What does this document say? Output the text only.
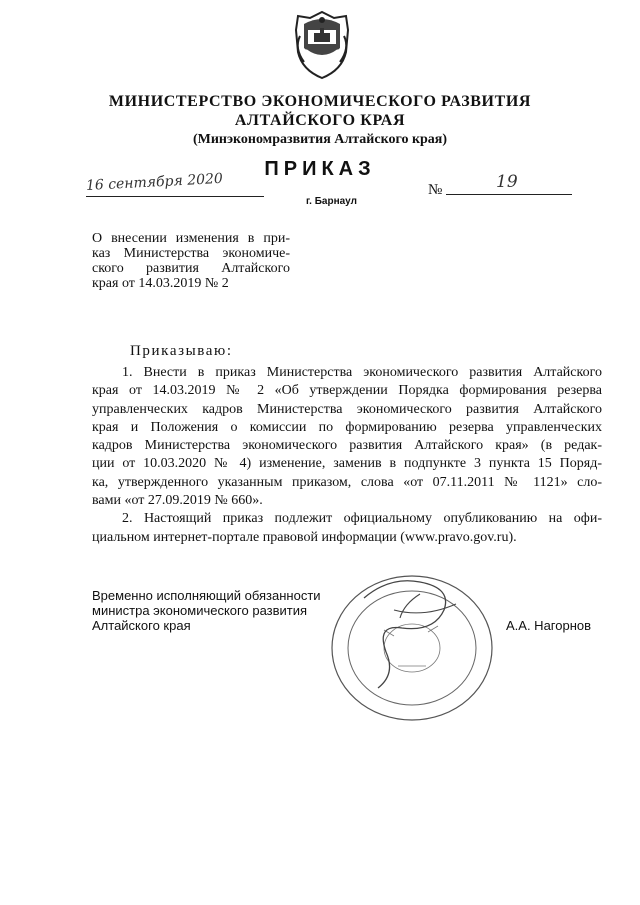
МИНИСТЕРСТВО ЭКОНОМИЧЕСКОГО РАЗВИТИЯ
АЛТАЙСКОГО КРАЯ
(Минэкономразвития Алтайского края)
ПРИКАЗ
16 сентября 2020	№	19
г. Барнаул
О внесении изменения в при-
каз Министерства экономиче-
ского развития Алтайского
края от 14.03.2019 № 2
Приказываю:
1. Внести в приказ Министерства экономического развития Алтайского
края от 14.03.2019 № 2 «Об утверждении Порядка формирования резерва
управленческих кадров Министерства экономического развития Алтайского
края и Положения о комиссии по формированию резерва управленческих
кадров Министерства экономического развития Алтайского края» (в редак-
ции от 10.03.2020 № 4) изменение, заменив в подпункте 3 пункта 15 Поряд-
ка, утвержденного указанным приказом, слова «от 07.11.2011 № 1121» сло-
вами «от 27.09.2019 № 660».
2. Настоящий приказ подлежит официальному опубликованию на офи-
циальном интернет-портале правовой информации (www.pravo.gov.ru).
Временно исполняющий обязанности
министра экономического развития
Алтайского края	А.А. Нагорнов
